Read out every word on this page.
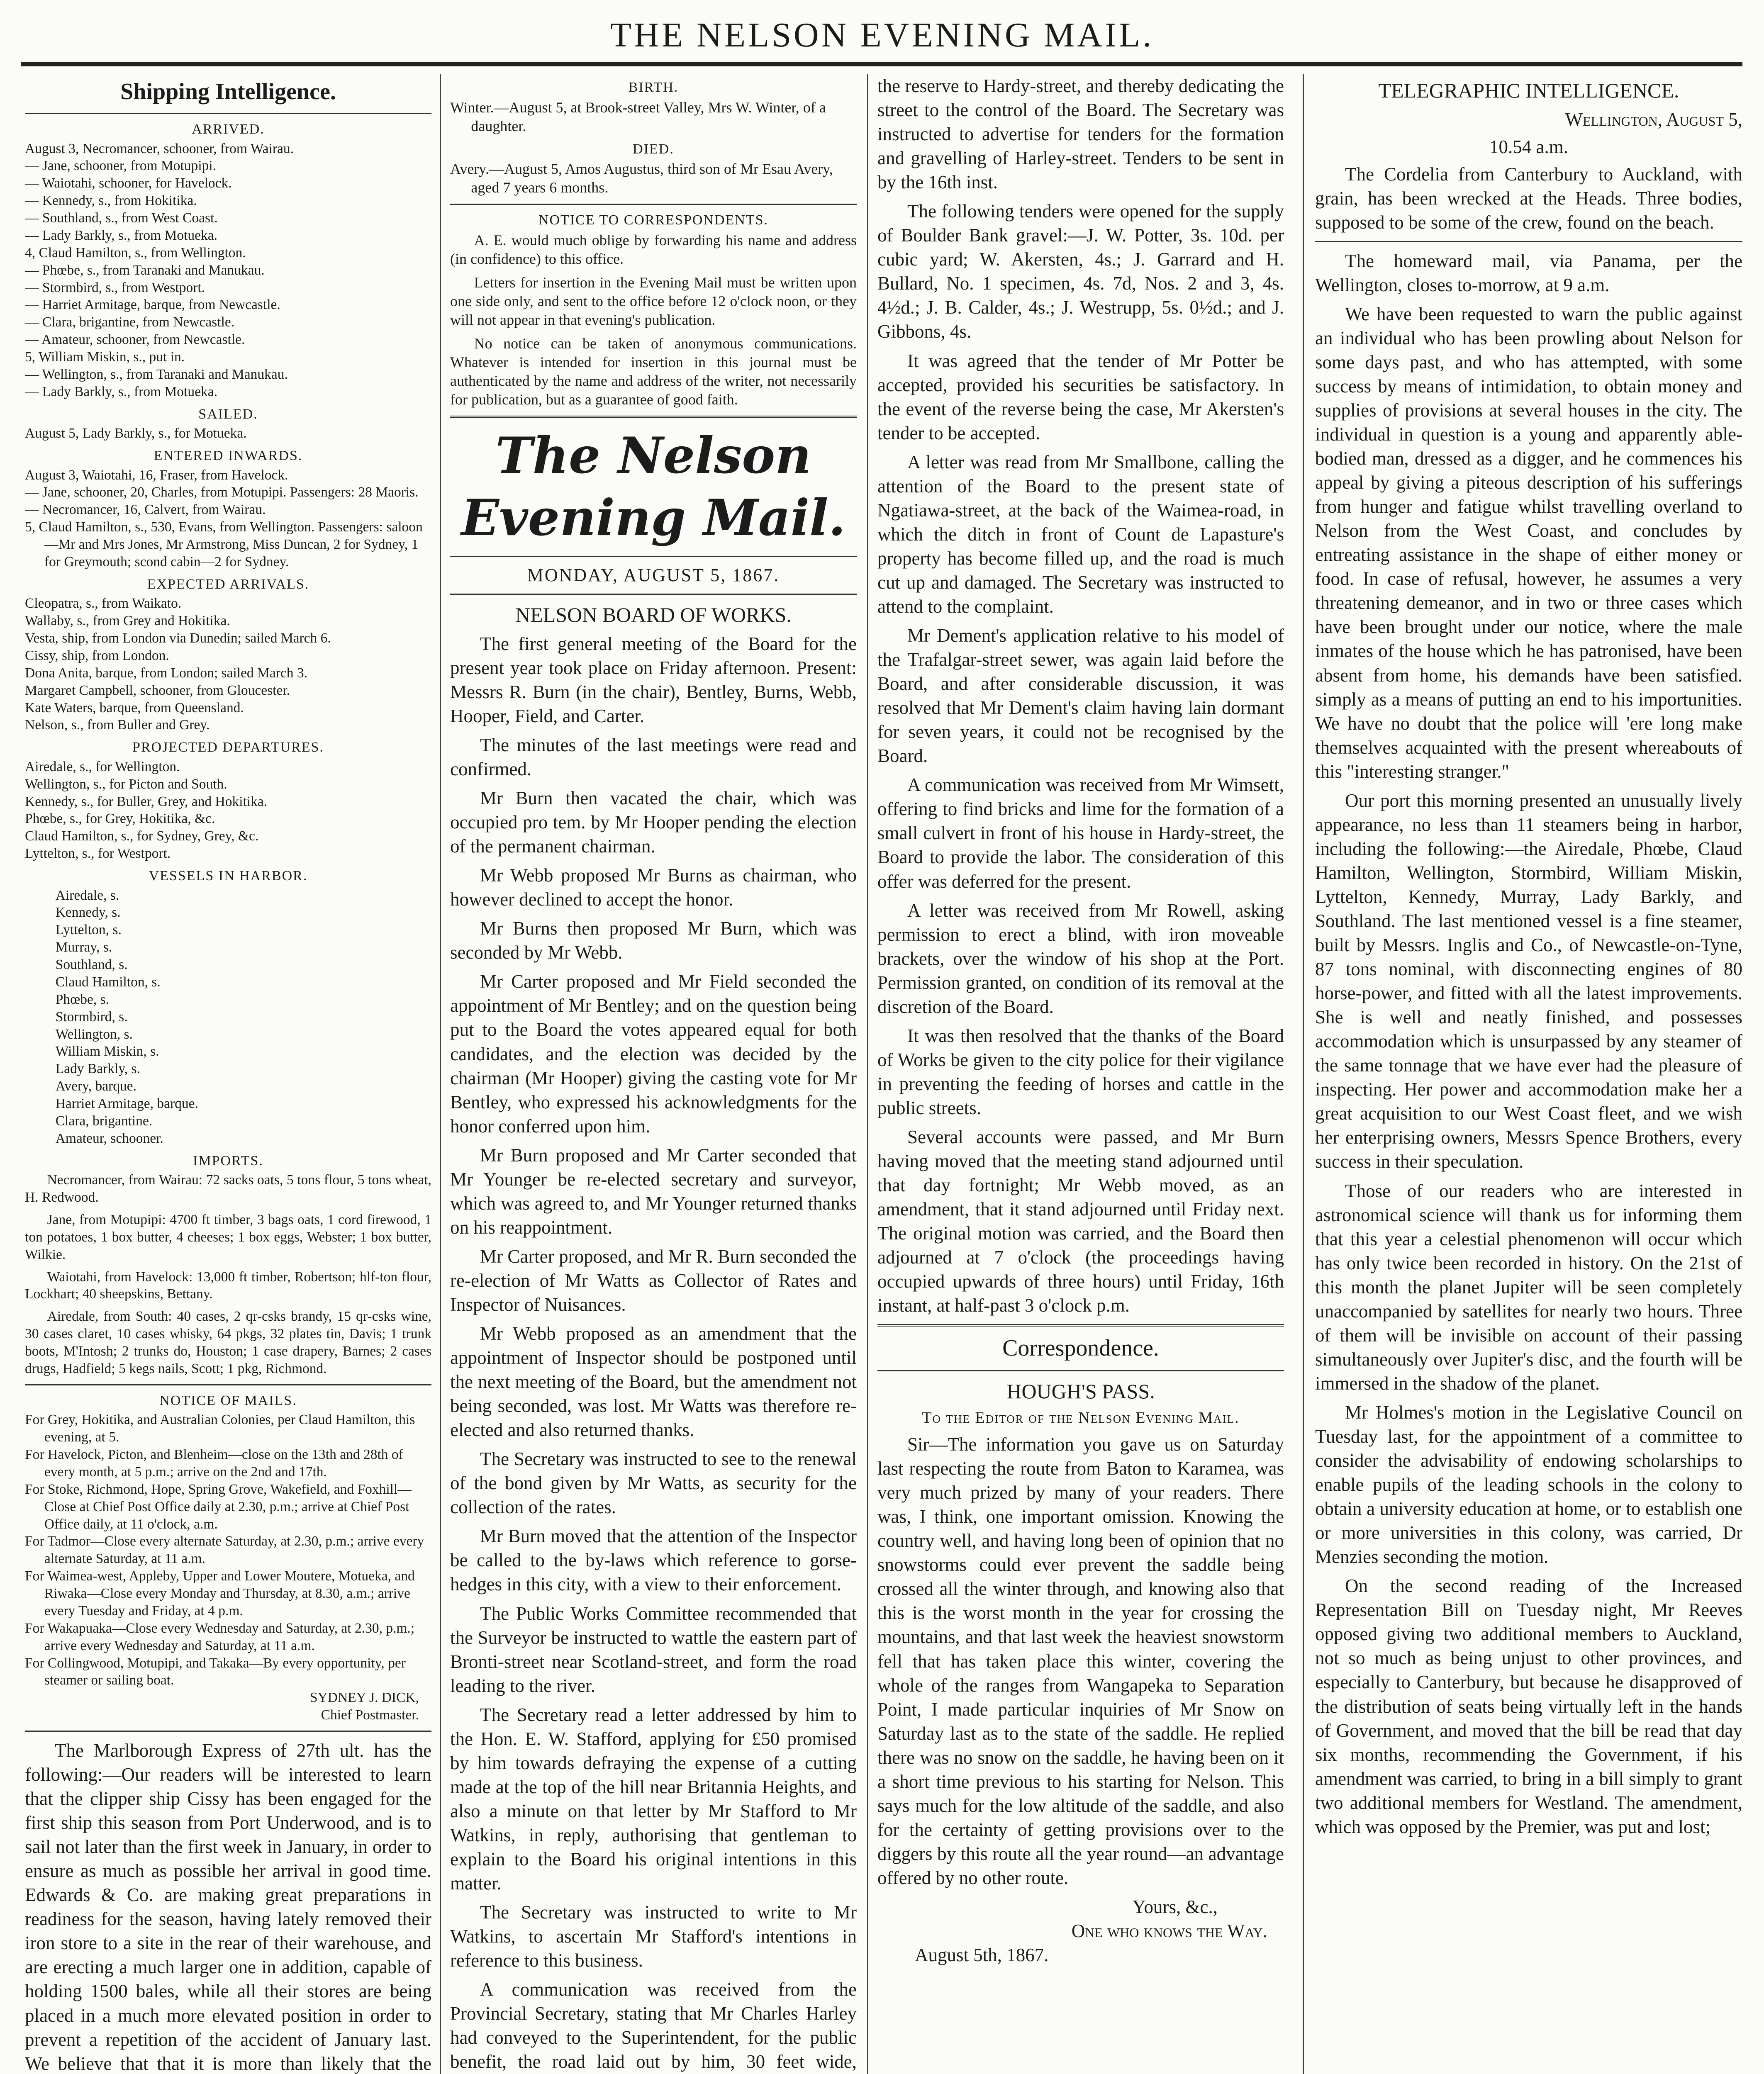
THE NELSON EVENING MAIL.
Shipping Intelligence.
ARRIVED.

August 3, Necromancer, schooner, from Wairau.

— Jane, schooner, from Motupipi.

— Waiotahi, schooner, for Havelock.

— Kennedy, s., from Hokitika.

— Southland, s., from West Coast.

— Lady Barkly, s., from Motueka.

4, Claud Hamilton, s., from Wellington.

— Phœbe, s., from Taranaki and Manukau.

— Stormbird, s., from Westport.

— Harriet Armitage, barque, from Newcastle.

— Clara, brigantine, from Newcastle.

— Amateur, schooner, from Newcastle.

5, William Miskin, s., put in.

— Wellington, s., from Taranaki and Manukau.

— Lady Barkly, s., from Motueka.

SAILED.

August 5, Lady Barkly, s., for Motueka.

ENTERED INWARDS.

August 3, Waiotahi, 16, Fraser, from Havelock.

— Jane, schooner, 20, Charles, from Motupipi. Passengers: 28 Maoris.

— Necromancer, 16, Calvert, from Wairau.

5, Claud Hamilton, s., 530, Evans, from Wellington. Passengers: saloon—Mr and Mrs Jones, Mr Armstrong, Miss Duncan, 2 for Sydney, 1 for Greymouth; scond cabin—2 for Sydney.

EXPECTED ARRIVALS.

Cleopatra, s., from Waikato.

Wallaby, s., from Grey and Hokitika.

Vesta, ship, from London via Dunedin; sailed March 6.

Cissy, ship, from London.

Dona Anita, barque, from London; sailed March 3.

Margaret Campbell, schooner, from Gloucester.

Kate Waters, barque, from Queensland.

Nelson, s., from Buller and Grey.

PROJECTED DEPARTURES.

Airedale, s., for Wellington.

Wellington, s., for Picton and South.

Kennedy, s., for Buller, Grey, and Hokitika.

Phœbe, s., for Grey, Hokitika, &c.

Claud Hamilton, s., for Sydney, Grey, &c.

Lyttelton, s., for Westport.

VESSELS IN HARBOR.

Airedale, s.

Kennedy, s.

Lyttelton, s.

Murray, s.

Southland, s.

Claud Hamilton, s.

Phœbe, s.

Stormbird, s.

Wellington, s.

William Miskin, s.

Lady Barkly, s.

Avery, barque.

Harriet Armitage, barque.

Clara, brigantine.

Amateur, schooner.

IMPORTS.

Necromancer, from Wairau: 72 sacks oats, 5 tons flour, 5 tons wheat, H. Redwood.

Jane, from Motupipi: 4700 ft timber, 3 bags oats, 1 cord firewood, 1 ton potatoes, 1 box butter, 4 cheeses; 1 box eggs, Webster; 1 box butter, Wilkie.

Waiotahi, from Havelock: 13,000 ft timber, Robertson; hlf-ton flour, Lockhart; 40 sheepskins, Bettany.

Airedale, from South: 40 cases, 2 qr-csks brandy, 15 qr-csks wine, 30 cases claret, 10 cases whisky, 64 pkgs, 32 plates tin, Davis; 1 trunk boots, M'Intosh; 2 trunks do, Houston; 1 case drapery, Barnes; 2 cases drugs, Hadfield; 5 kegs nails, Scott; 1 pkg, Richmond.

NOTICE OF MAILS.

For Grey, Hokitika, and Australian Colonies, per Claud Hamilton, this evening, at 5.

For Havelock, Picton, and Blenheim—close on the 13th and 28th of every month, at 5 p.m.; arrive on the 2nd and 17th.

For Stoke, Richmond, Hope, Spring Grove, Wakefield, and Foxhill—Close at Chief Post Office daily at 2.30, p.m.; arrive at Chief Post Office daily, at 11 o'clock, a.m.

For Tadmor—Close every alternate Saturday, at 2.30, p.m.; arrive every alternate Saturday, at 11 a.m.

For Waimea-west, Appleby, Upper and Lower Moutere, Motueka, and Riwaka—Close every Monday and Thursday, at 8.30, a.m.; arrive every Tuesday and Friday, at 4 p.m.

For Wakapuaka—Close every Wednesday and Saturday, at 2.30, p.m.; arrive every Wednesday and Saturday, at 11 a.m.

For Collingwood, Motupipi, and Takaka—By every opportunity, per steamer or sailing boat.

SYDNEY J. DICK,

Chief Postmaster.

The Marlborough Express of 27th ult. has the following:—Our readers will be interested to learn that the clipper ship Cissy has been engaged for the first ship this season from Port Underwood, and is to sail not later than the first week in January, in order to ensure as much as possible her arrival in good time. Edwards & Co. are making great preparations in readiness for the season, having lately removed their iron store to a site in the rear of their warehouse, and are erecting a much larger one in addition, capable of holding 1500 bales, while all their stores are being placed in a much more elevated position in order to prevent a repetition of the accident of January last. We believe that that it is more than likely that the

BIRTH.

Winter.—August 5, at Brook-street Valley, Mrs W. Winter, of a daughter.

DIED.

Avery.—August 5, Amos Augustus, third son of Mr Esau Avery, aged 7 years 6 months.

NOTICE TO CORRESPONDENTS.

A. E. would much oblige by forwarding his name and address (in confidence) to this office.

Letters for insertion in the Evening Mail must be written upon one side only, and sent to the office before 12 o'clock noon, or they will not appear in that evening's publication.

No notice can be taken of anonymous communications. Whatever is intended for insertion in this journal must be authenticated by the name and address of the writer, not necessarily for publication, but as a guarantee of good faith.

The Nelson Evening Mail.
MONDAY, AUGUST 5, 1867.
NELSON BOARD OF WORKS.

The first general meeting of the Board for the present year took place on Friday afternoon. Present: Messrs R. Burn (in the chair), Bentley, Burns, Webb, Hooper, Field, and Carter.

The minutes of the last meetings were read and confirmed.

Mr Burn then vacated the chair, which was occupied pro tem. by Mr Hooper pending the election of the permanent chairman.

Mr Webb proposed Mr Burns as chairman, who however declined to accept the honor.

Mr Burns then proposed Mr Burn, which was seconded by Mr Webb.

Mr Carter proposed and Mr Field seconded the appointment of Mr Bentley; and on the question being put to the Board the votes appeared equal for both candidates, and the election was decided by the chairman (Mr Hooper) giving the casting vote for Mr Bentley, who expressed his acknowledgments for the honor conferred upon him.

Mr Burn proposed and Mr Carter seconded that Mr Younger be re-elected secretary and surveyor, which was agreed to, and Mr Younger returned thanks on his reappointment.

Mr Carter proposed, and Mr R. Burn seconded the re-election of Mr Watts as Collector of Rates and Inspector of Nuisances.

Mr Webb proposed as an amendment that the appointment of Inspector should be postponed until the next meeting of the Board, but the amendment not being seconded, was lost. Mr Watts was therefore re-elected and also returned thanks.

The Secretary was instructed to see to the renewal of the bond given by Mr Watts, as security for the collection of the rates.

Mr Burn moved that the attention of the Inspector be called to the by-laws which reference to gorse-hedges in this city, with a view to their enforcement.

The Public Works Committee recommended that the Surveyor be instructed to wattle the eastern part of Bronti-street near Scotland-street, and form the road leading to the river.

The Secretary read a letter addressed by him to the Hon. E. W. Stafford, applying for £50 promised by him towards defraying the expense of a cutting made at the top of the hill near Britannia Heights, and also a minute on that letter by Mr Stafford to Mr Watkins, in reply, authorising that gentleman to explain to the Board his original intentions in this matter.

The Secretary was instructed to write to Mr Watkins, to ascertain Mr Stafford's intentions in reference to this business.

A communication was received from the Provincial Secretary, stating that Mr Charles Harley had conveyed to the Superintendent, for the public benefit, the road laid out by him, 30 feet wide,

the reserve to Hardy-street, and thereby dedicating the street to the control of the Board. The Secretary was instructed to advertise for tenders for the formation and gravelling of Harley-street. Tenders to be sent in by the 16th inst.

The following tenders were opened for the supply of Boulder Bank gravel:—J. W. Potter, 3s. 10d. per cubic yard; W. Akersten, 4s.; J. Garrard and H. Bullard, No. 1 specimen, 4s. 7d, Nos. 2 and 3, 4s. 4½d.; J. B. Calder, 4s.; J. Westrupp, 5s. 0½d.; and J. Gibbons, 4s.

It was agreed that the tender of Mr Potter be accepted, provided his securities be satisfactory. In the event of the reverse being the case, Mr Akersten's tender to be accepted.

A letter was read from Mr Smallbone, calling the attention of the Board to the present state of Ngatiawa-street, at the back of the Waimea-road, in which the ditch in front of Count de Lapasture's property has become filled up, and the road is much cut up and damaged. The Secretary was instructed to attend to the complaint.

Mr Dement's application relative to his model of the Trafalgar-street sewer, was again laid before the Board, and after considerable discussion, it was resolved that Mr Dement's claim having lain dormant for seven years, it could not be recognised by the Board.

A communication was received from Mr Wimsett, offering to find bricks and lime for the formation of a small culvert in front of his house in Hardy-street, the Board to provide the labor. The consideration of this offer was deferred for the present.

A letter was received from Mr Rowell, asking permission to erect a blind, with iron moveable brackets, over the window of his shop at the Port. Permission granted, on condition of its removal at the discretion of the Board.

It was then resolved that the thanks of the Board of Works be given to the city police for their vigilance in preventing the feeding of horses and cattle in the public streets.

Several accounts were passed, and Mr Burn having moved that the meeting stand adjourned until that day fortnight; Mr Webb moved, as an amendment, that it stand adjourned until Friday next. The original motion was carried, and the Board then adjourned at 7 o'clock (the proceedings having occupied upwards of three hours) until Friday, 16th instant, at half-past 3 o'clock p.m.

Correspondence.
HOUGH'S PASS.
To the Editor of the Nelson Evening Mail.

Sir—The information you gave us on Saturday last respecting the route from Baton to Karamea, was very much prized by many of your readers. There was, I think, one important omission. Knowing the country well, and having long been of opinion that no snowstorms could ever prevent the saddle being crossed all the winter through, and knowing also that this is the worst month in the year for crossing the mountains, and that last week the heaviest snowstorm fell that has taken place this winter, covering the whole of the ranges from Wangapeka to Separation Point, I made particular inquiries of Mr Snow on Saturday last as to the state of the saddle. He replied there was no snow on the saddle, he having been on it a short time previous to his starting for Nelson. This says much for the low altitude of the saddle, and also for the certainty of getting provisions over to the diggers by this route all the year round—an advantage offered by no other route.

Yours, &c.,

One who knows the Way.

August 5th, 1867.

TELEGRAPHIC INTELLIGENCE.

Wellington, August 5,

10.54 a.m.

The Cordelia from Canterbury to Auckland, with grain, has been wrecked at the Heads. Three bodies, supposed to be some of the crew, found on the beach.

The homeward mail, via Panama, per the Wellington, closes to-morrow, at 9 a.m.

We have been requested to warn the public against an individual who has been prowling about Nelson for some days past, and who has attempted, with some success by means of intimidation, to obtain money and supplies of provisions at several houses in the city. The individual in question is a young and apparently able-bodied man, dressed as a digger, and he commences his appeal by giving a piteous description of his sufferings from hunger and fatigue whilst travelling overland to Nelson from the West Coast, and concludes by entreating assistance in the shape of either money or food. In case of refusal, however, he assumes a very threatening demeanor, and in two or three cases which have been brought under our notice, where the male inmates of the house which he has patronised, have been absent from home, his demands have been satisfied. simply as a means of putting an end to his importunities. We have no doubt that the police will 'ere long make themselves acquainted with the present whereabouts of this "interesting stranger."

Our port this morning presented an unusually lively appearance, no less than 11 steamers being in harbor, including the following:—the Airedale, Phœbe, Claud Hamilton, Wellington, Stormbird, William Miskin, Lyttelton, Kennedy, Murray, Lady Barkly, and Southland. The last mentioned vessel is a fine steamer, built by Messrs. Inglis and Co., of Newcastle-on-Tyne, 87 tons nominal, with disconnecting engines of 80 horse-power, and fitted with all the latest improvements. She is well and neatly finished, and possesses accommodation which is unsurpassed by any steamer of the same tonnage that we have ever had the pleasure of inspecting. Her power and accommodation make her a great acquisition to our West Coast fleet, and we wish her enterprising owners, Messrs Spence Brothers, every success in their speculation.

Those of our readers who are interested in astronomical science will thank us for informing them that this year a celestial phenomenon will occur which has only twice been recorded in history. On the 21st of this month the planet Jupiter will be seen completely unaccompanied by satellites for nearly two hours. Three of them will be invisible on account of their passing simultaneously over Jupiter's disc, and the fourth will be immersed in the shadow of the planet.

Mr Holmes's motion in the Legislative Council on Tuesday last, for the appointment of a committee to consider the advisability of endowing scholarships to enable pupils of the leading schools in the colony to obtain a university education at home, or to establish one or more universities in this colony, was carried, Dr Menzies seconding the motion.

On the second reading of the Increased Representation Bill on Tuesday night, Mr Reeves opposed giving two additional members to Auckland, not so much as being unjust to other provinces, and especially to Canterbury, but because he disapproved of the distribution of seats being virtually left in the hands of Government, and moved that the bill be read that day six months, recommending the Government, if his amendment was carried, to bring in a bill simply to grant two additional members for Westland. The amendment, which was opposed by the Premier, was put and lost;
